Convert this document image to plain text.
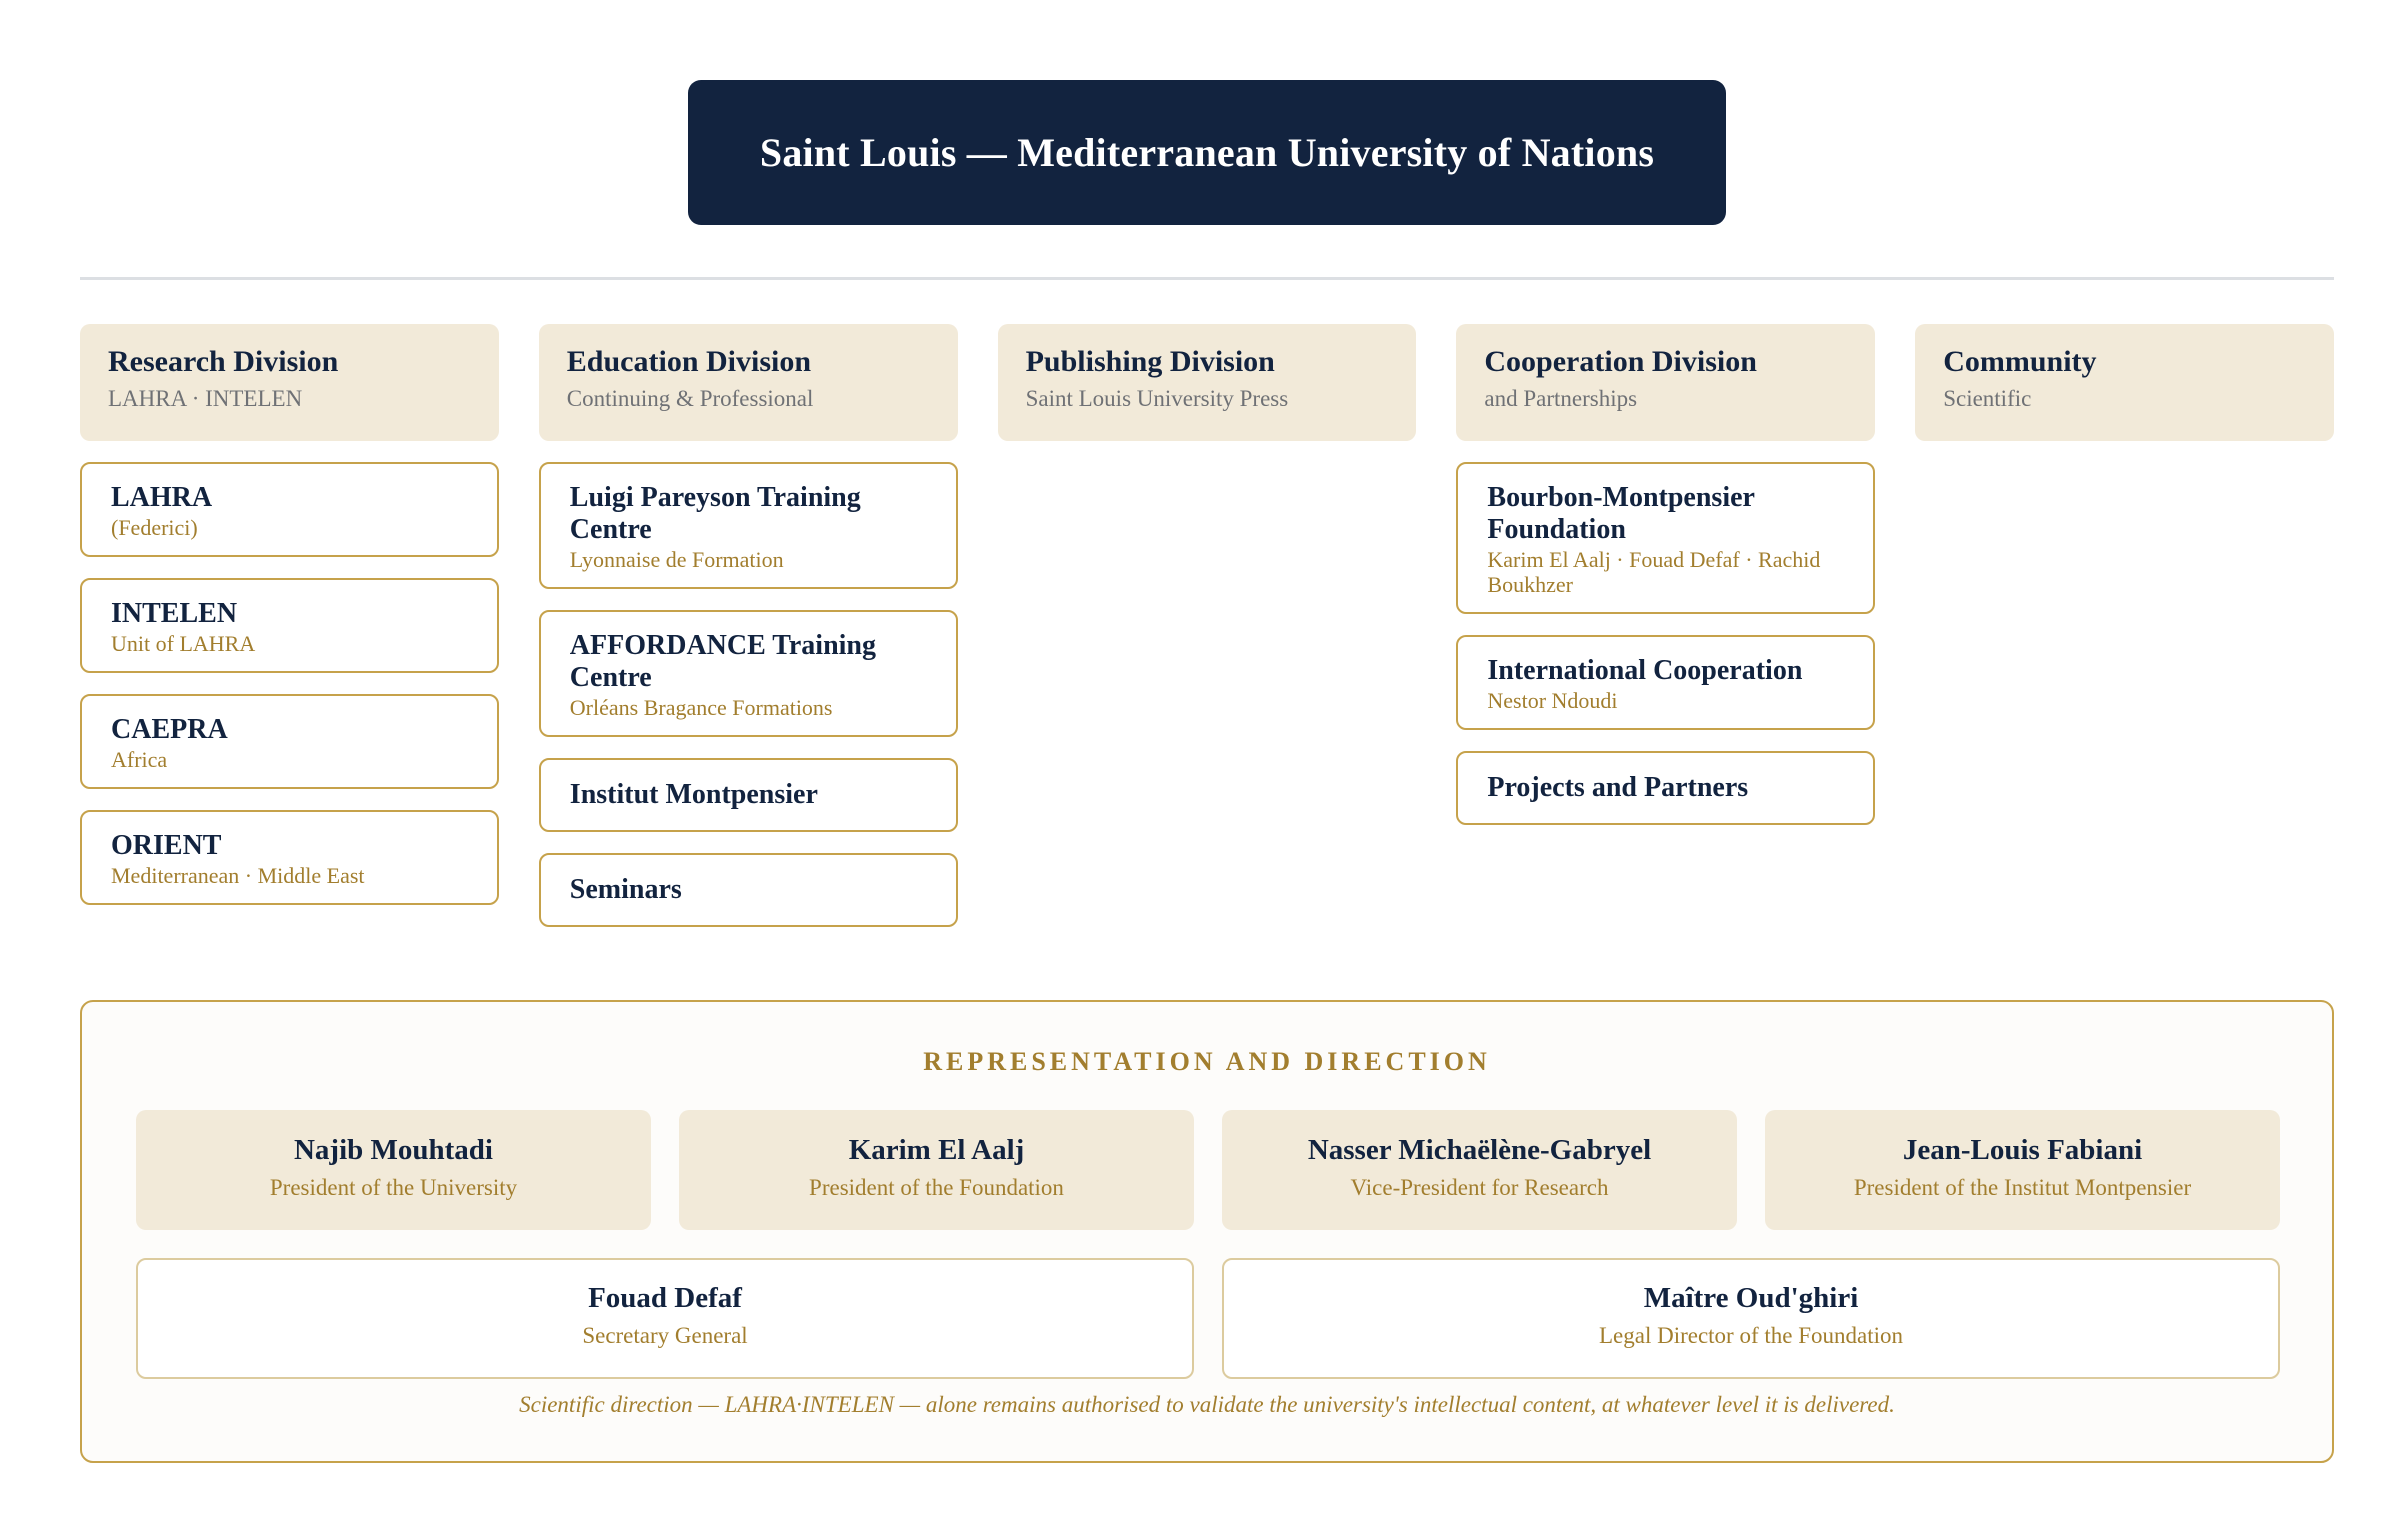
Saint Louis — Mediterranean University of Nations
Research Division
LAHRA · INTELEN
LAHRA
(Federici)
INTELEN
Unit of LAHRA
CAEPRA
Africa
ORIENT
Mediterranean · Middle East
Education Division
Continuing & Professional
Luigi Pareyson Training Centre
Lyonnaise de Formation
AFFORDANCE Training Centre
Orléans Bragance Formations
Institut Montpensier
Seminars
Publishing Division
Saint Louis University Press
Cooperation Division
and Partnerships
Bourbon-Montpensier Foundation
Karim El Aalj · Fouad Defaf · Rachid Boukhzer
International Cooperation
Nestor Ndoudi
Projects and Partners
Community
Scientific
REPRESENTATION AND DIRECTION
Najib Mouhtadi
President of the University
Karim El Aalj
President of the Foundation
Nasser Michaëlène-Gabryel
Vice-President for Research
Jean-Louis Fabiani
President of the Institut Montpensier
Fouad Defaf
Secretary General
Maître Oud'ghiri
Legal Director of the Foundation
Scientific direction — LAHRA·INTELEN — alone remains authorised to validate the university's intellectual content, at whatever level it is delivered.
